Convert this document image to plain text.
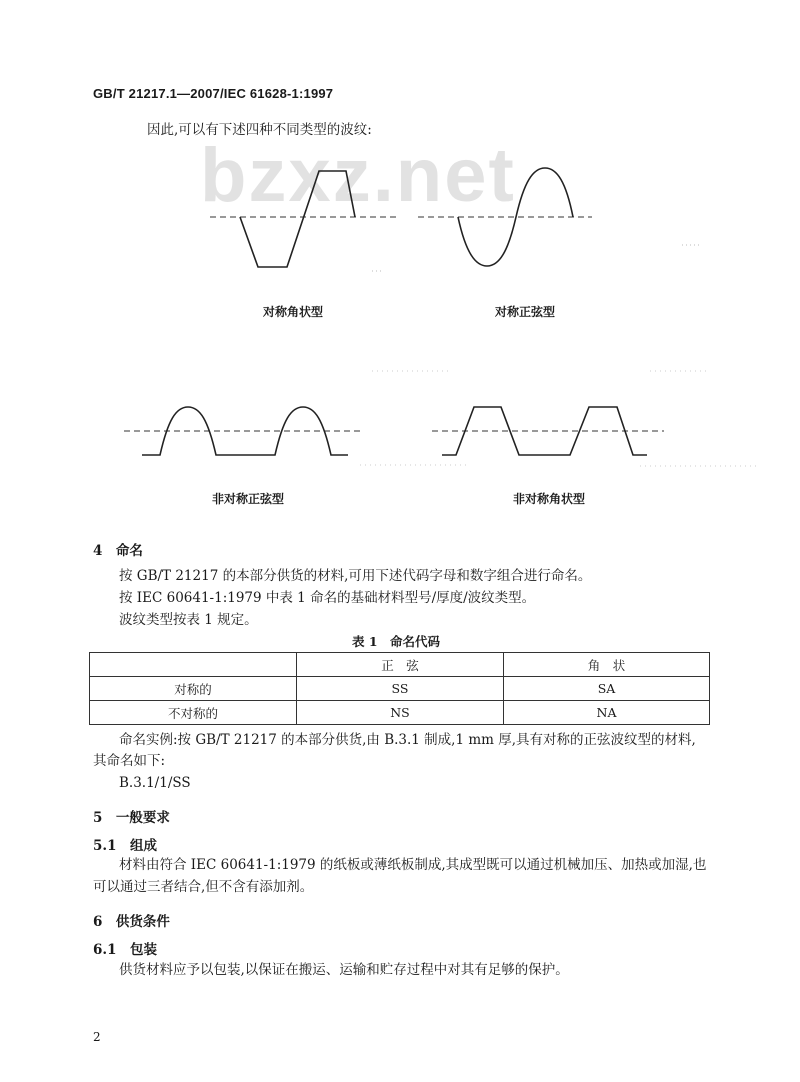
GB/T 21217.1—2007/IEC 61628-1:1997
bzxz.net
因此,可以有下述四种不同类型的波纹:
对称角状型	对称正弦型
非对称正弦型	非对称角状型
4　命名
按 GB/T 21217 的本部分供货的材料,可用下述代码字母和数字组合进行命名。
按 IEC 60641-1:1979 中表 1 命名的基础材料型号/厚度/波纹类型。
波纹类型按表 1 规定。
表 1　命名代码
	正　弦	角　状
对称的	SS	SA
不对称的	NS	NA
命名实例:按 GB/T 21217 的本部分供货,由 B.3.1 制成,1 mm 厚,具有对称的正弦波纹型的材料,
其命名如下:
B.3.1/1/SS
5　一般要求
5.1　组成
材料由符合 IEC 60641-1:1979 的纸板或薄纸板制成,其成型既可以通过机械加压、加热或加湿,也
可以通过三者结合,但不含有添加剂。
6　供货条件
6.1　包装
供货材料应予以包装,以保证在搬运、运输和贮存过程中对其有足够的保护。
2
